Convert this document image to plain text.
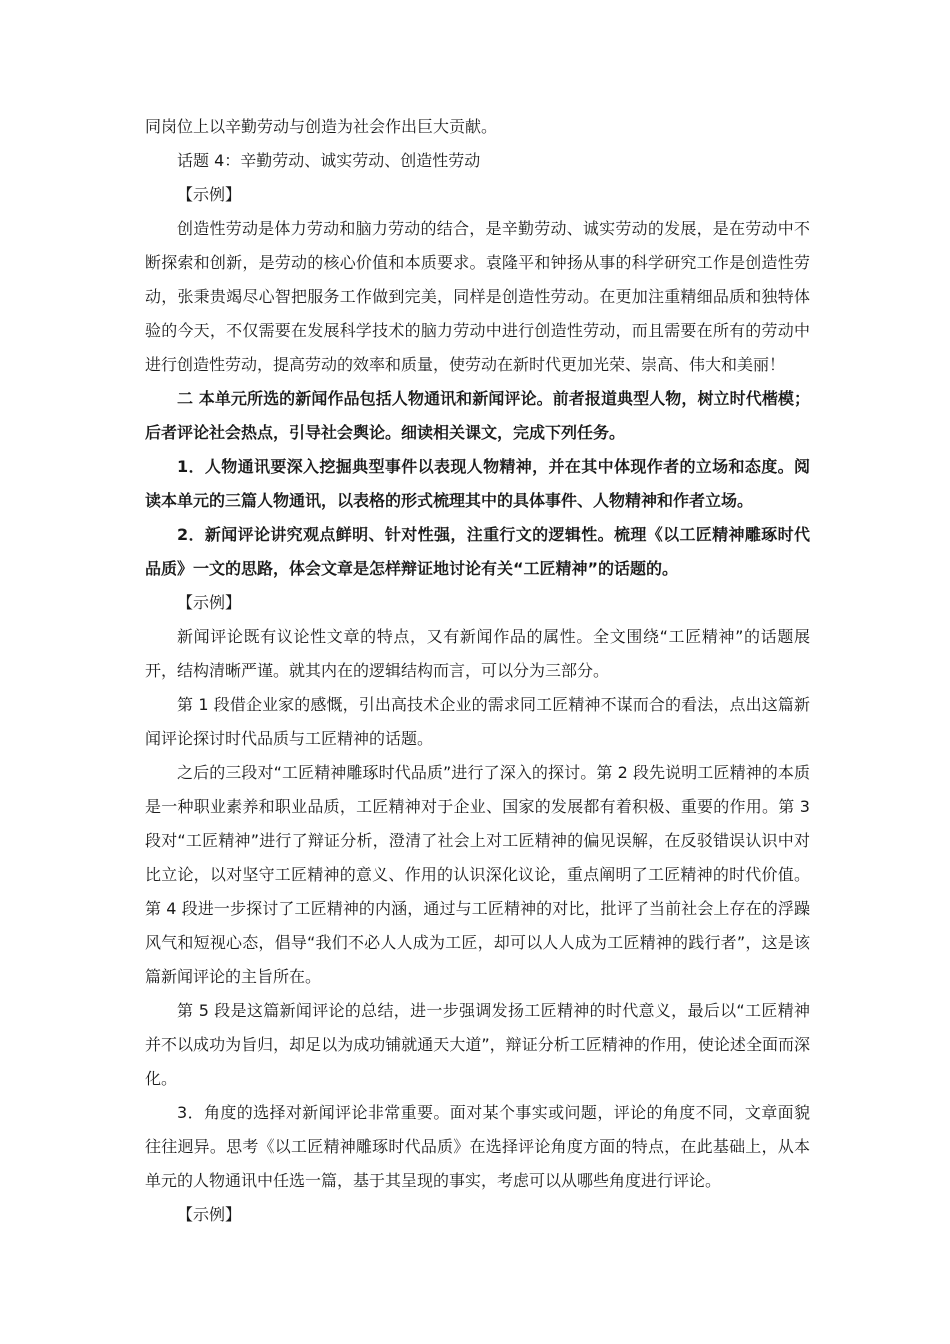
同岗位上以辛勤劳动与创造为社会作出巨大贡献。

话题 4：辛勤劳动、诚实劳动、创造性劳动

【示例】

创造性劳动是体力劳动和脑力劳动的结合，是辛勤劳动、诚实劳动的发展，是在劳动中不断探索和创新，是劳动的核心价值和本质要求。袁隆平和钟扬从事的科学研究工作是创造性劳动，张秉贵竭尽心智把服务工作做到完美，同样是创造性劳动。在更加注重精细品质和独特体验的今天，不仅需要在发展科学技术的脑力劳动中进行创造性劳动，而且需要在所有的劳动中进行创造性劳动，提高劳动的效率和质量，使劳动在新时代更加光荣、崇高、伟大和美丽！

二 本单元所选的新闻作品包括人物通讯和新闻评论。前者报道典型人物，树立时代楷模；后者评论社会热点，引导社会舆论。细读相关课文，完成下列任务。

1．人物通讯要深入挖掘典型事件以表现人物精神，并在其中体现作者的立场和态度。阅读本单元的三篇人物通讯，以表格的形式梳理其中的具体事件、人物精神和作者立场。

2．新闻评论讲究观点鲜明、针对性强，注重行文的逻辑性。梳理《以工匠精神雕琢时代品质》一文的思路，体会文章是怎样辩证地讨论有关“工匠精神”的话题的。

【示例】

新闻评论既有议论性文章的特点，又有新闻作品的属性。全文围绕“工匠精神”的话题展开，结构清晰严谨。就其内在的逻辑结构而言，可以分为三部分。

第 1 段借企业家的感慨，引出高技术企业的需求同工匠精神不谋而合的看法，点出这篇新闻评论探讨时代品质与工匠精神的话题。

之后的三段对“工匠精神雕琢时代品质”进行了深入的探讨。第 2 段先说明工匠精神的本质是一种职业素养和职业品质，工匠精神对于企业、国家的发展都有着积极、重要的作用。第 3 段对“工匠精神”进行了辩证分析，澄清了社会上对工匠精神的偏见误解，在反驳错误认识中对比立论，以对坚守工匠精神的意义、作用的认识深化议论，重点阐明了工匠精神的时代价值。第 4 段进一步探讨了工匠精神的内涵，通过与工匠精神的对比，批评了当前社会上存在的浮躁风气和短视心态，倡导“我们不必人人成为工匠，却可以人人成为工匠精神的践行者”，这是该篇新闻评论的主旨所在。

第 5 段是这篇新闻评论的总结，进一步强调发扬工匠精神的时代意义，最后以“工匠精神并不以成功为旨归，却足以为成功铺就通天大道”，辩证分析工匠精神的作用，使论述全面而深化。

3．角度的选择对新闻评论非常重要。面对某个事实或问题，评论的角度不同，文章面貌往往迥异。思考《以工匠精神雕琢时代品质》在选择评论角度方面的特点，在此基础上，从本单元的人物通讯中任选一篇，基于其呈现的事实，考虑可以从哪些角度进行评论。

【示例】
